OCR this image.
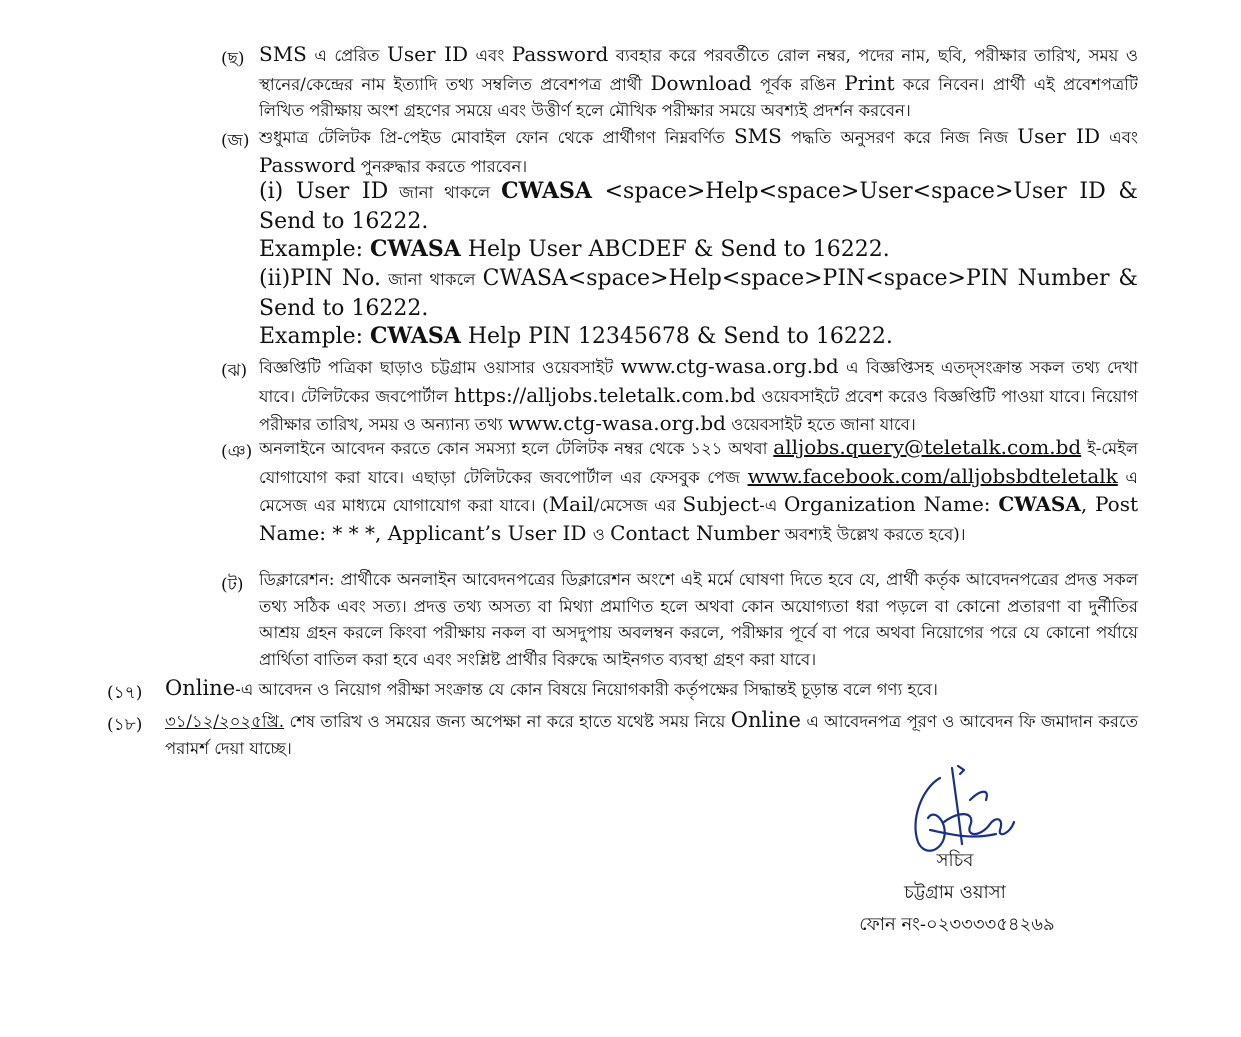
(ছ) SMS এ প্রেরিত User ID এবং Password ব্যবহার করে পরবর্তীতে রোল নম্বর, পদের নাম, ছবি, পরীক্ষার তারিখ, সময় ও স্থানের/কেন্দ্রের নাম ইত্যাদি তথ্য সম্বলিত প্রবেশপত্র প্রার্থী Download পূর্বক রঙিন Print করে নিবেন। প্রার্থী এই প্রবেশপত্রটি লিখিত পরীক্ষায় অংশ গ্রহণের সময়ে এবং উত্তীর্ণ হলে মৌখিক পরীক্ষার সময়ে অবশ্যই প্রদর্শন করবেন।
(জ) শুধুমাত্র টেলিটক প্রি-পেইড মোবাইল ফোন থেকে প্রার্থীগণ নিম্নবর্ণিত SMS পদ্ধতি অনুসরণ করে নিজ নিজ User ID এবং Password পুনরুদ্ধার করতে পারবেন।
(i) User ID জানা থাকলে CWASA <space>Help<space>User<space>User ID & Send to 16222.
Example: CWASA Help User ABCDEF & Send to 16222.
(ii)PIN No. জানা থাকলে CWASA<space>Help<space>PIN<space>PIN Number & Send to 16222.
Example: CWASA Help PIN 12345678 & Send to 16222.
(ঝ) বিজ্ঞপ্তিটি পত্রিকা ছাড়াও চট্টগ্রাম ওয়াসার ওয়েবসাইট www.ctg-wasa.org.bd এ বিজ্ঞপ্তিসহ এতদ্সংক্রান্ত সকল তথ্য দেখা যাবে। টেলিটকের জবপোর্টাল https://alljobs.teletalk.com.bd ওয়েবসাইটে প্রবেশ করেও বিজ্ঞপ্তিটি পাওয়া যাবে। নিয়োগ পরীক্ষার তারিখ, সময় ও অন্যান্য তথ্য www.ctg-wasa.org.bd ওয়েবসাইট হতে জানা যাবে।
(ঞ) অনলাইনে আবেদন করতে কোন সমস্যা হলে টেলিটক নম্বর থেকে ১২১ অথবা alljobs.query@teletalk.com.bd ই-মেইল যোগাযোগ করা যাবে। এছাড়া টেলিটকের জবপোর্টাল এর ফেসবুক পেজ www.facebook.com/alljobsbdteletalk এ মেসেজ এর মাধ্যমে যোগাযোগ করা যাবে। (Mail/মেসেজ এর Subject-এ Organization Name: CWASA, Post Name: * * *, Applicant’s User ID ও Contact Number অবশ্যই উল্লেখ করতে হবে)।
(ট) ডিক্লারেশন: প্রার্থীকে অনলাইন আবেদনপত্রের ডিক্লারেশন অংশে এই মর্মে ঘোষণা দিতে হবে যে, প্রার্থী কর্তৃক আবেদনপত্রের প্রদত্ত সকল তথ্য সঠিক এবং সত্য। প্রদত্ত তথ্য অসত্য বা মিথ্যা প্রমাণিত হলে অথবা কোন অযোগ্যতা ধরা পড়লে বা কোনো প্রতারণা বা দুর্নীতির আশ্রয় গ্রহন করলে কিংবা পরীক্ষায় নকল বা অসদুপায় অবলম্বন করলে, পরীক্ষার পূর্বে বা পরে অথবা নিয়োগের পরে যে কোনো পর্যায়ে প্রার্থিতা বাতিল করা হবে এবং সংশ্লিষ্ট প্রার্থীর বিরুদ্ধে আইনগত ব্যবস্থা গ্রহণ করা যাবে।
(১৭) Online-এ আবেদন ও নিয়োগ পরীক্ষা সংক্রান্ত যে কোন বিষয়ে নিয়োগকারী কর্তৃপক্ষের সিদ্ধান্তই চূড়ান্ত বলে গণ্য হবে।
(১৮) ৩১/১২/২০২৫খ্রি. শেষ তারিখ ও সময়ের জন্য অপেক্ষা না করে হাতে যথেষ্ট সময় নিয়ে Online এ আবেদনপত্র পূরণ ও আবেদন ফি জমাদান করতে পরামর্শ দেয়া যাচ্ছে।
সচিব
চট্টগ্রাম ওয়াসা
ফোন নং-০২৩৩৩৩৫৪২৬৯
